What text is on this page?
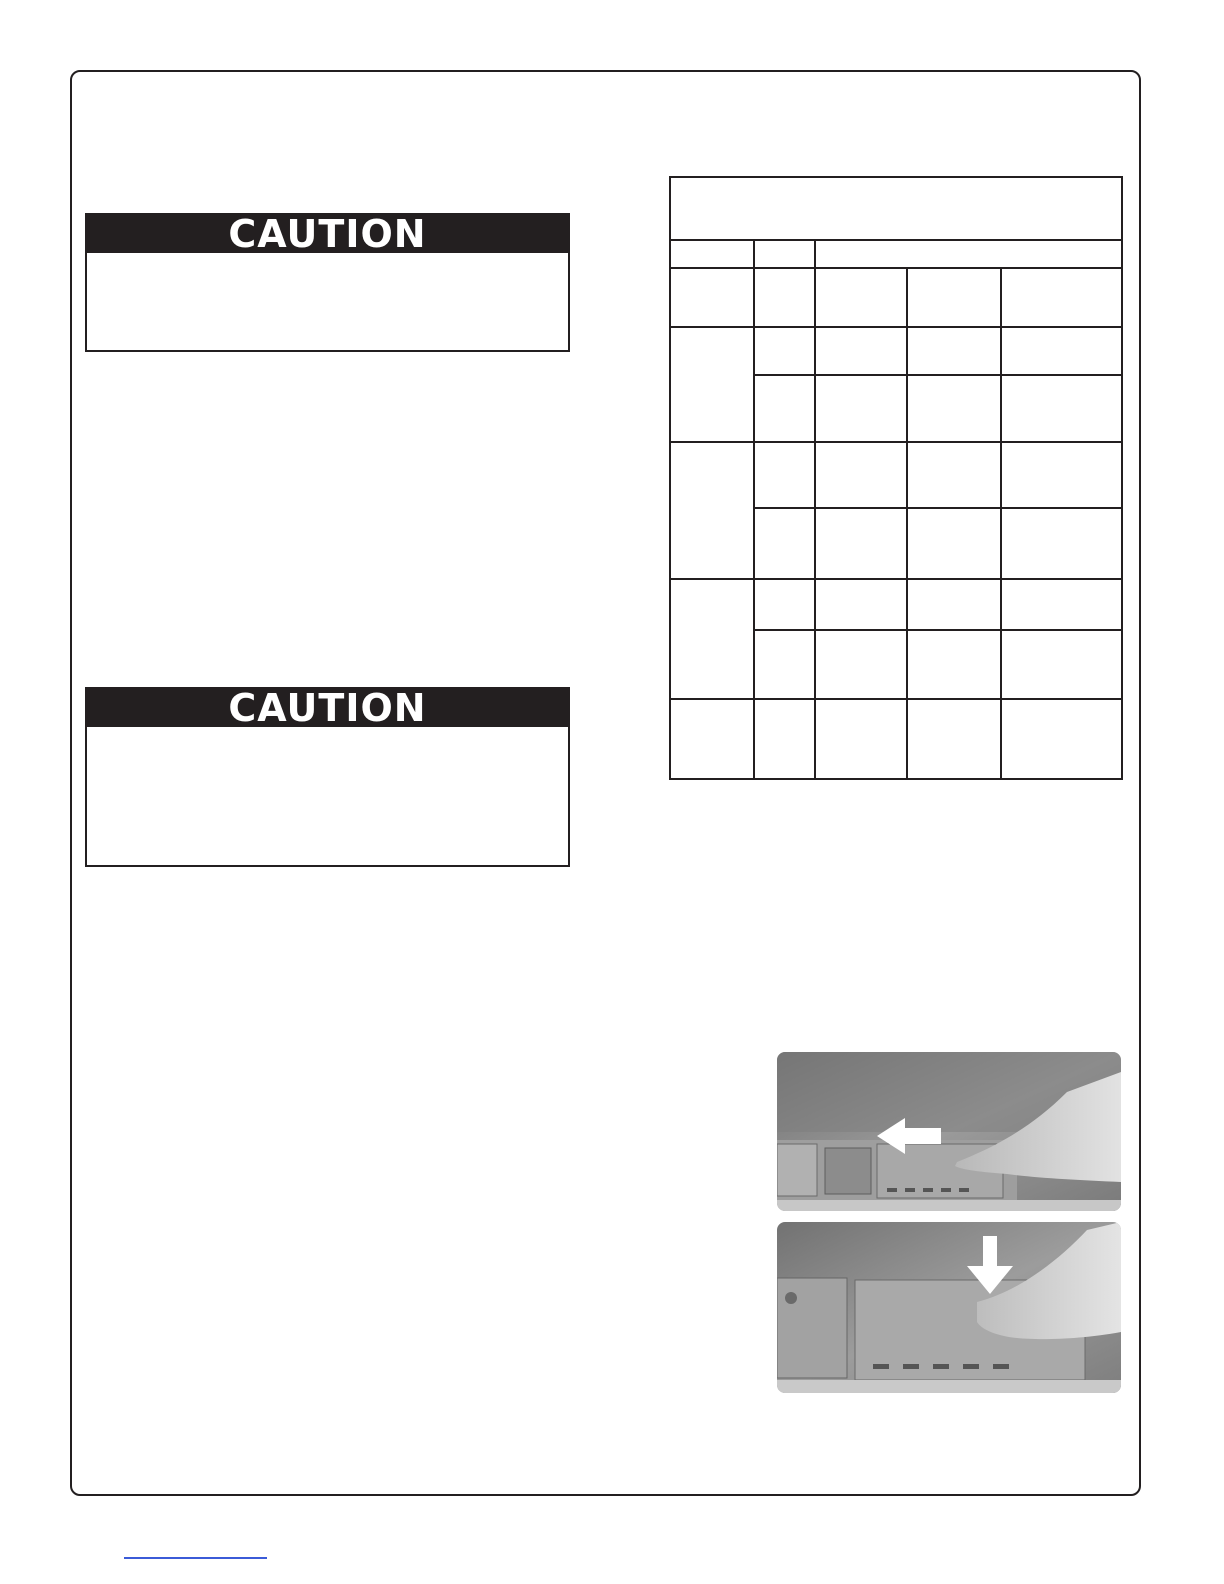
CAUTION
CAUTION
